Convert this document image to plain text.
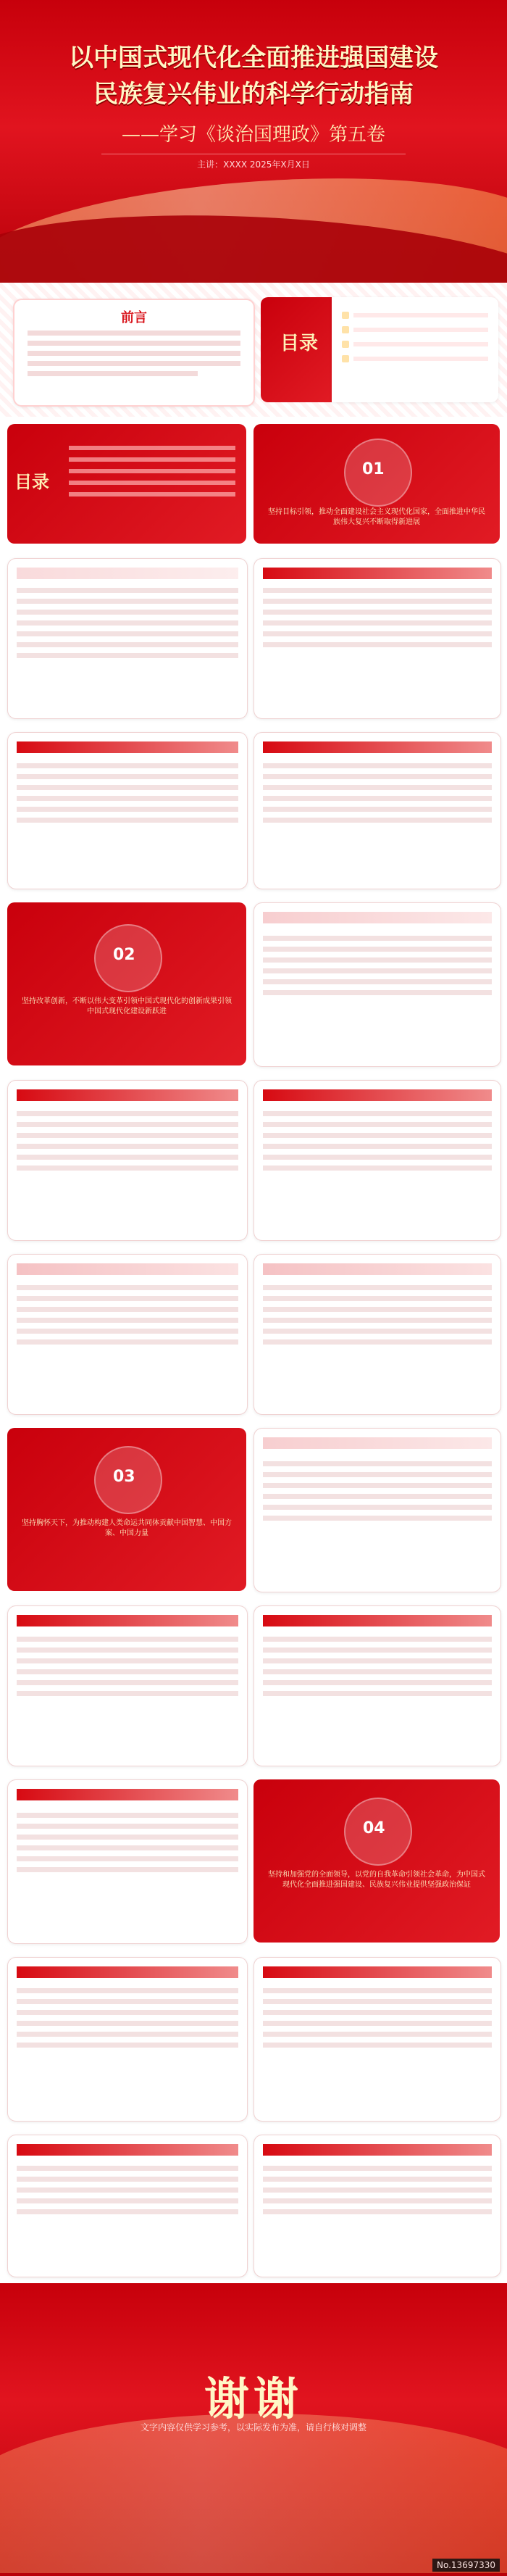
以中国式现代化全面推进强国建设
民族复兴伟业的科学行动指南
——学习《谈治国理政》第五卷
主讲：XXXX 2025年X月X日
前言
目录
目录
01
坚持目标引领，推动全面建设社会主义现代化国家，全面推进中华民族伟大复兴不断取得新进展
02
坚持改革创新，不断以伟大变革引领中国式现代化的创新成果引领中国式现代化建设新跃进
03
坚持胸怀天下，为推动构建人类命运共同体贡献中国智慧、中国方案、中国力量
04
坚持和加强党的全面领导，以党的自我革命引领社会革命，为中国式现代化全面推进强国建设、民族复兴伟业提供坚强政治保证
谢谢
文字内容仅供学习参考，以实际发布为准，请自行核对调整
No.13697330
